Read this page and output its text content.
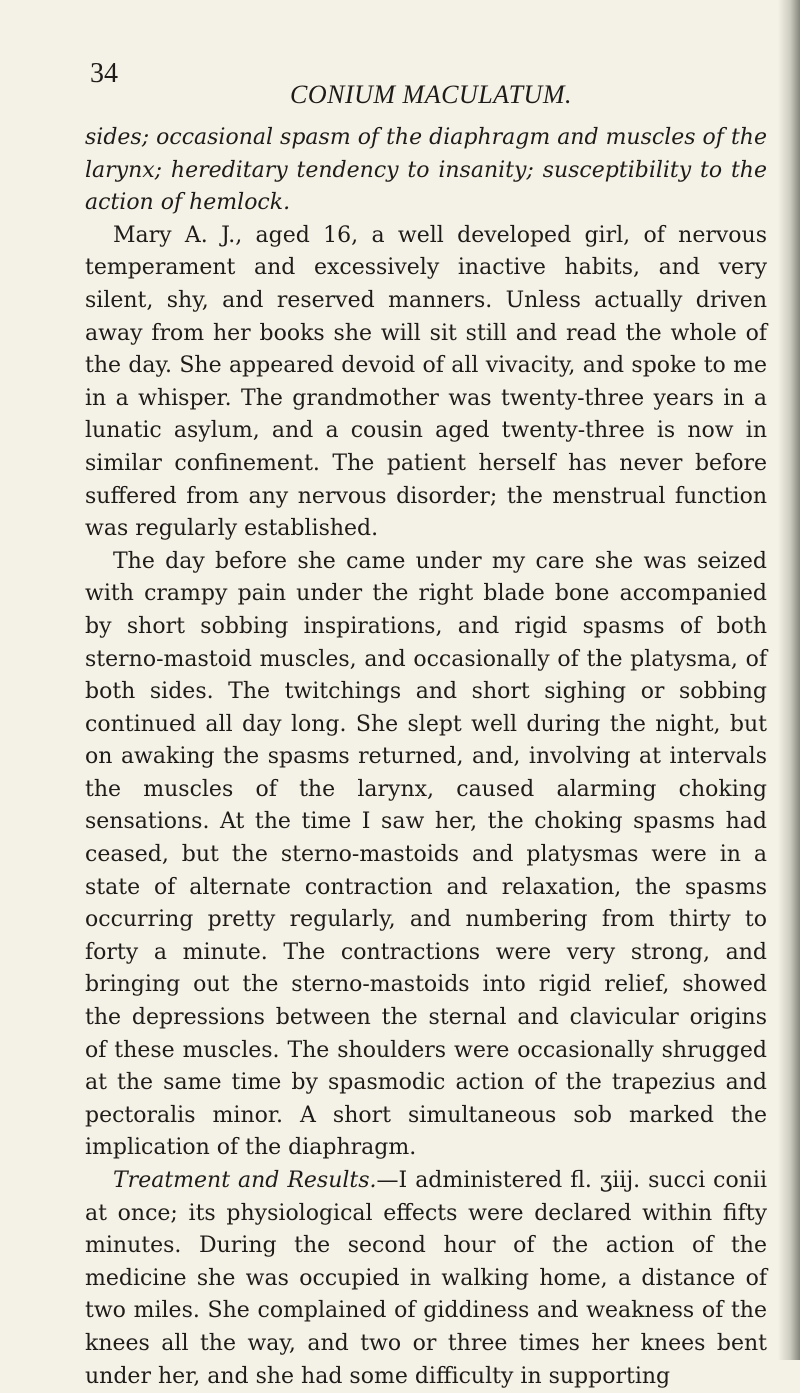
34
CONIUM MACULATUM.

sides; occasional spasm of the diaphragm and muscles of the larynx; hereditary tendency to insanity; susceptibility to the action of hemlock.

Mary A. J., aged 16, a well developed girl, of nervous temperament and excessively inactive habits, and very silent, shy, and reserved manners. Unless actually driven away from her books she will sit still and read the whole of the day. She appeared devoid of all vivacity, and spoke to me in a whisper. The grandmother was twenty-three years in a lunatic asylum, and a cousin aged twenty-three is now in similar confinement. The patient herself has never before suffered from any nervous disorder; the menstrual function was regularly established.

The day before she came under my care she was seized with crampy pain under the right blade bone accompanied by short sobbing inspirations, and rigid spasms of both sterno-mastoid muscles, and occasionally of the platysma, of both sides. The twitchings and short sighing or sobbing continued all day long. She slept well during the night, but on awaking the spasms returned, and, involving at intervals the muscles of the larynx, caused alarming choking sensations. At the time I saw her, the choking spasms had ceased, but the sterno-mastoids and platysmas were in a state of alternate contraction and relaxation, the spasms occurring pretty regularly, and numbering from thirty to forty a minute. The contractions were very strong, and bringing out the sterno-mastoids into rigid relief, showed the depressions between the sternal and clavicular origins of these muscles. The shoulders were occasionally shrugged at the same time by spasmodic action of the trapezius and pectoralis minor. A short simultaneous sob marked the implication of the diaphragm.

Treatment and Results.—I administered fl. ʒiij. succi conii at once; its physiological effects were declared within fifty minutes. During the second hour of the action of the medicine she was occupied in walking home, a distance of two miles. She complained of giddiness and weakness of the knees all the way, and two or three times her knees bent under her, and she had some difficulty in supporting
